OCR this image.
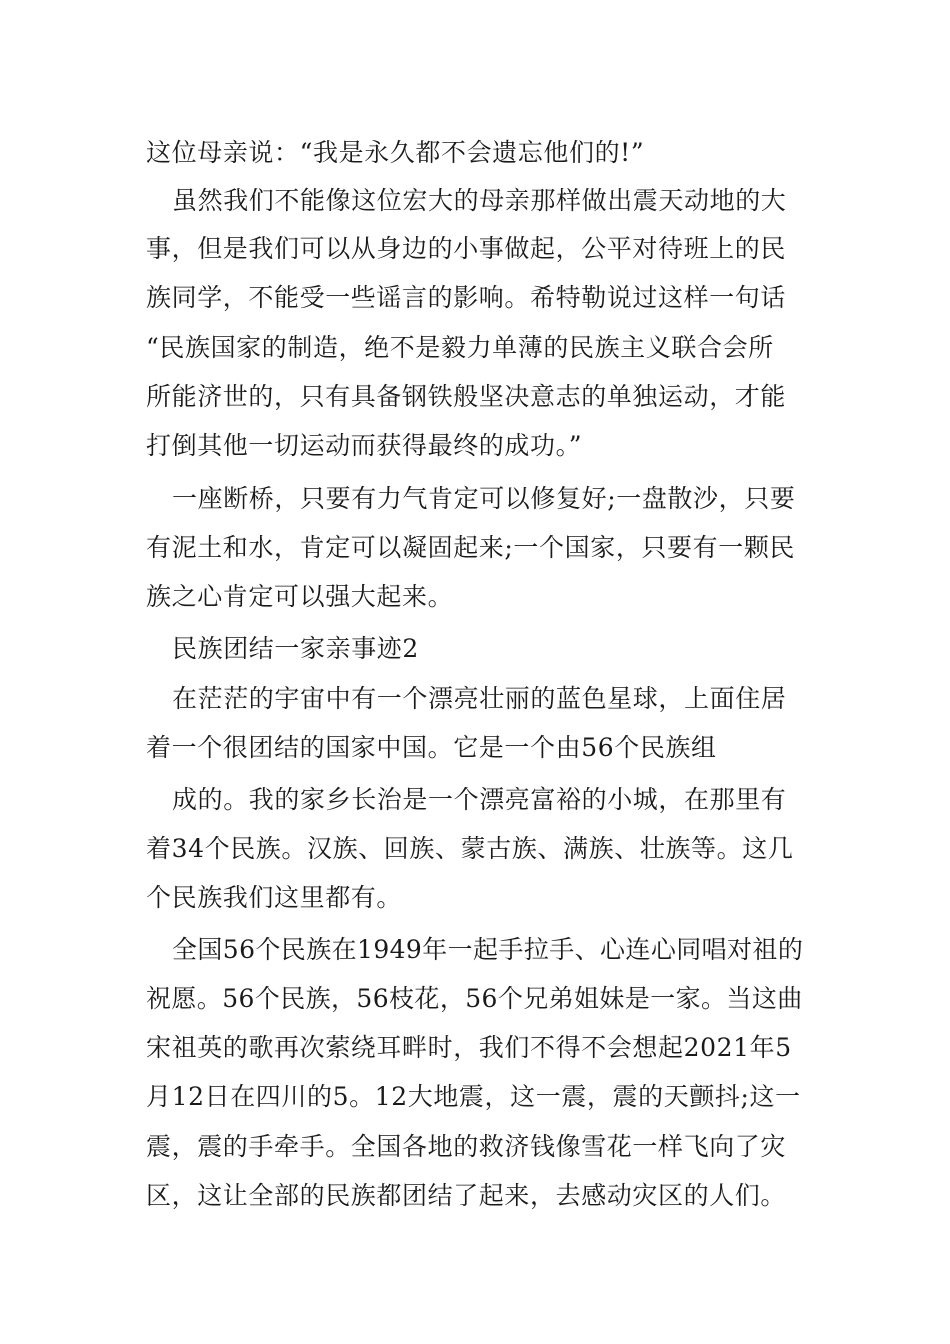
这位母亲说：“我是永久都不会遗忘他们的!”
虽然我们不能像这位宏大的母亲那样做出震天动地的大
事，但是我们可以从身边的小事做起，公平对待班上的民
族同学，不能受一些谣言的影响。希特勒说过这样一句话
“民族国家的制造，绝不是毅力单薄的民族主义联合会所
所能济世的，只有具备钢铁般坚决意志的单独运动，才能
打倒其他一切运动而获得最终的成功。”
一座断桥，只要有力气肯定可以修复好;一盘散沙，只要
有泥土和水，肯定可以凝固起来;一个国家，只要有一颗民
族之心肯定可以强大起来。
民族团结一家亲事迹2
在茫茫的宇宙中有一个漂亮壮丽的蓝色星球，上面住居
着一个很团结的国家中国。它是一个由56个民族组
成的。我的家乡长治是一个漂亮富裕的小城，在那里有
着34个民族。汉族、回族、蒙古族、满族、壮族等。这几
个民族我们这里都有。
全国56个民族在1949年一起手拉手、心连心同唱对祖的
祝愿。56个民族，56枝花，56个兄弟姐妹是一家。当这曲
宋祖英的歌再次萦绕耳畔时，我们不得不会想起2021年5
月12日在四川的5。12大地震，这一震，震的天颤抖;这一
震，震的手牵手。全国各地的救济钱像雪花一样飞向了灾
区，这让全部的民族都团结了起来，去感动灾区的人们。
